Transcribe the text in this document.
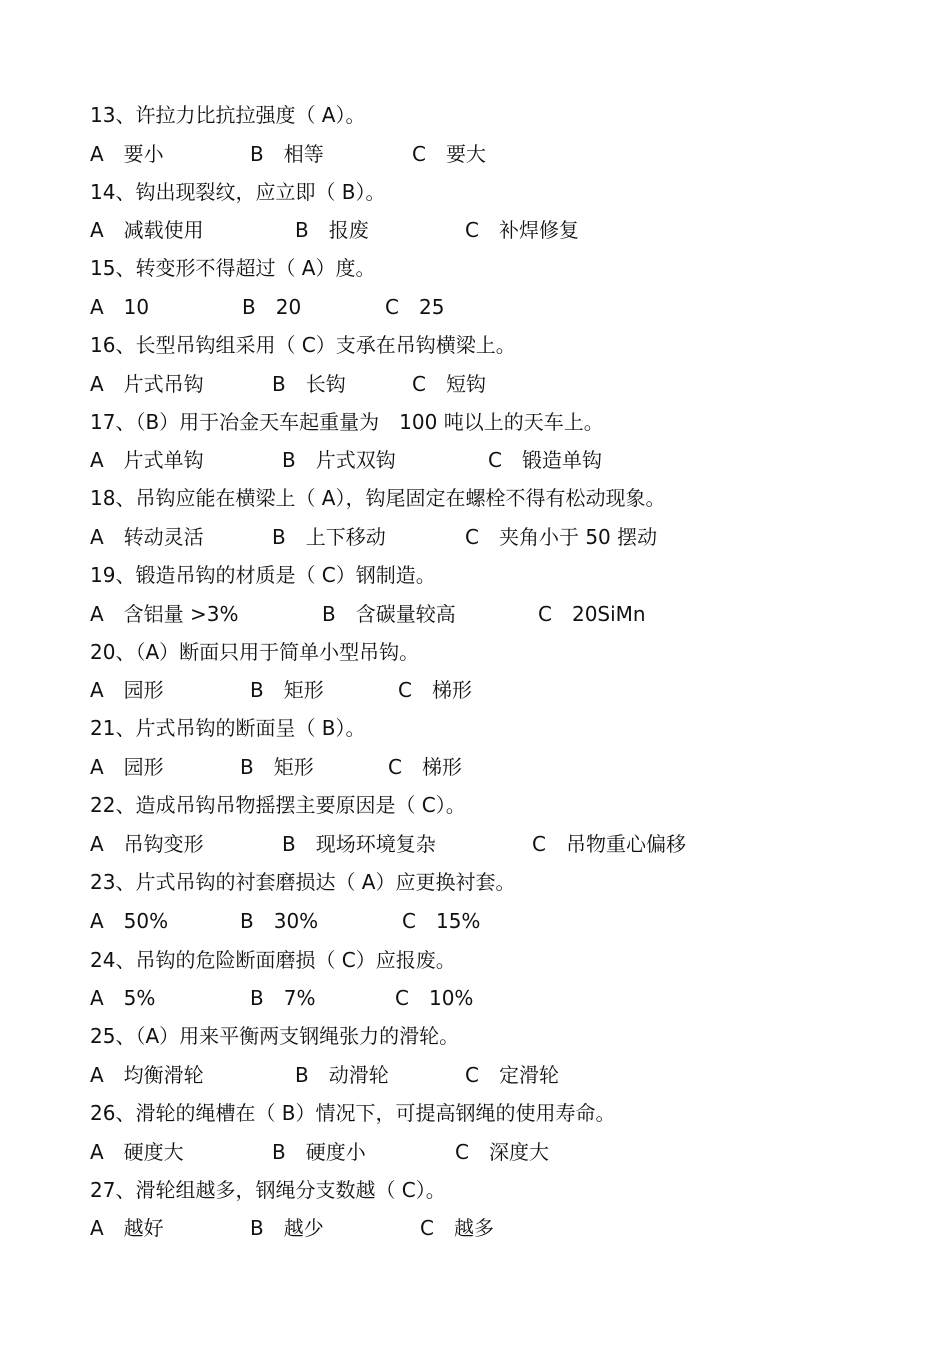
13、许拉力比抗拉强度（ A）。
A　要小	B　相等	C　要大
14、钩出现裂纹，应立即（ B）。
A　减载使用	B　报废	C　补焊修复
15、转变形不得超过（ A）度。
A　10	B　20	C　25
16、长型吊钩组采用（ C）支承在吊钩横梁上。
A　片式吊钩	B　长钩	C　短钩
17、（B）用于冶金天车起重量为　100 吨以上的天车上。
A　片式单钩	B　片式双钩	C　锻造单钩
18、吊钩应能在横梁上（ A），钩尾固定在螺栓不得有松动现象。
A　转动灵活	B　上下移动	C　夹角小于 50 摆动
19、锻造吊钩的材质是（ C）钢制造。
A　含铝量 >3%	B　含碳量较高	C　20SiMn
20、（A）断面只用于简单小型吊钩。
A　园形	B　矩形	C　梯形
21、片式吊钩的断面呈（ B）。
A　园形	B　矩形	C　梯形
22、造成吊钩吊物摇摆主要原因是（ C）。
A　吊钩变形	B　现场环境复杂	C　吊物重心偏移
23、片式吊钩的衬套磨损达（ A）应更换衬套。
A　50%	B　30%	C　15%
24、吊钩的危险断面磨损（ C）应报废。
A　5%	B　7%	C　10%
25、（A）用来平衡两支钢绳张力的滑轮。
A　均衡滑轮	B　动滑轮	C　定滑轮
26、滑轮的绳槽在（ B）情况下，可提高钢绳的使用寿命。
A　硬度大	B　硬度小	C　深度大
27、滑轮组越多，钢绳分支数越（ C）。
A　越好	B　越少	C　越多
